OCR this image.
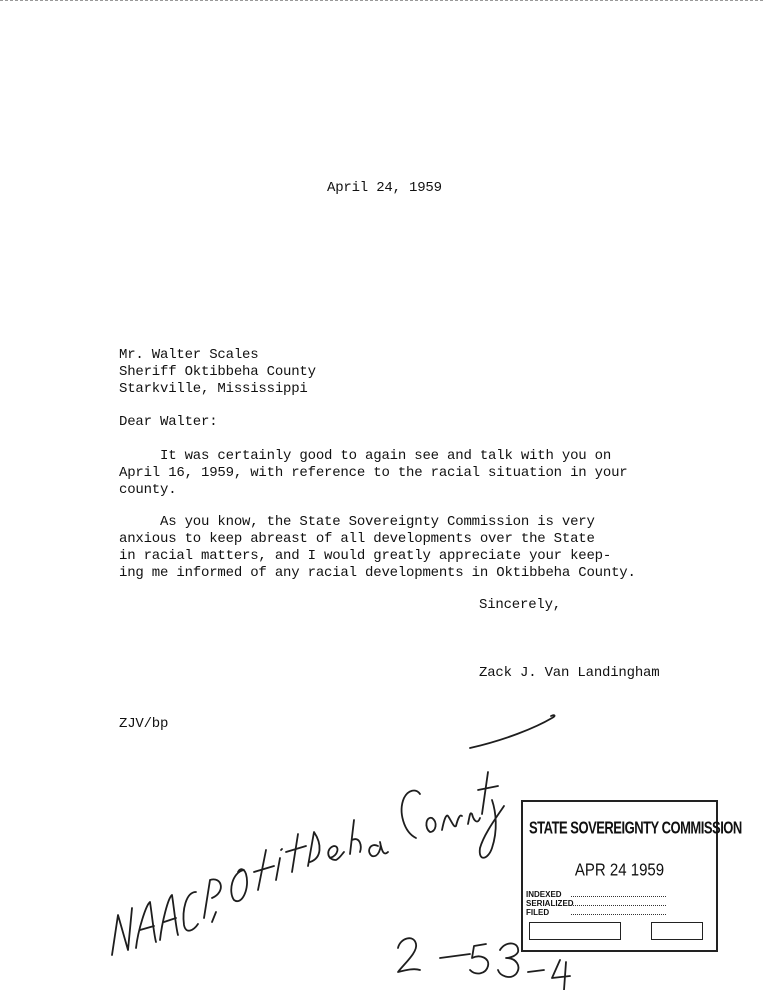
April 24, 1959
Mr. Walter Scales
Sheriff Oktibbeha County
Starkville, Mississippi
Dear Walter:
It was certainly good to again see and talk with you on
April 16, 1959, with reference to the racial situation in your
county.
As you know, the State Sovereignty Commission is very
anxious to keep abreast of all developments over the State
in racial matters, and I would greatly appreciate your keep-
ing me informed of any racial developments in Oktibbeha County.
Sincerely,
Zack J. Van Landingham
ZJV/bp
STATE SOVEREIGNTY COMMISSION
APR 24 1959
INDEXED
SERIALIZED
FILED
